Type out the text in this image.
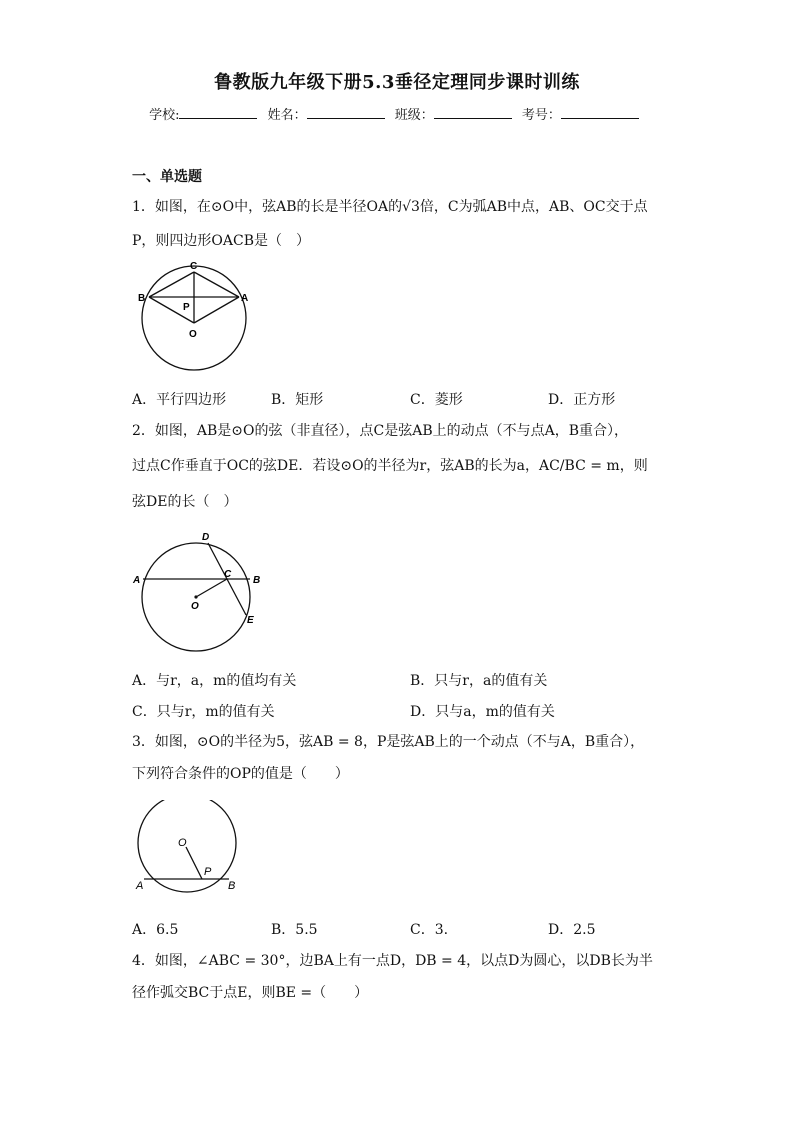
鲁教版九年级下册5.3垂径定理同步课时训练
学校:	姓名：	班级：	考号：
一、单选题
1．如图，在⊙O中，弦AB的长是半径OA的√3倍，C为弧AB中点，AB、OC交于点
P，则四边形OACB是（　）
C
B	A
P
O
A．平行四边形	B．矩形	C．菱形	D．正方形
2．如图，AB是⊙O的弦（非直径），点C是弦AB上的动点（不与点A，B重合），
过点C作垂直于OC的弦DE．若设⊙O的半径为r，弦AB的长为a，AC/BC = m，则
弦DE的长（　）
D
A
C
B
O
E
A．与r，a，m的值均有关	B．只与r，a的值有关
C．只与r，m的值有关	D．只与a，m的值有关
3．如图，⊙O的半径为5，弦AB = 8，P是弦AB上的一个动点（不与A，B重合），
下列符合条件的OP的值是（　　）
O
P
A	B
A．6.5	B．5.5	C．3.	D．2.5
4．如图，∠ABC = 30°，边BA上有一点D，DB = 4，以点D为圆心，以DB长为半
径作弧交BC于点E，则BE =（　　）
